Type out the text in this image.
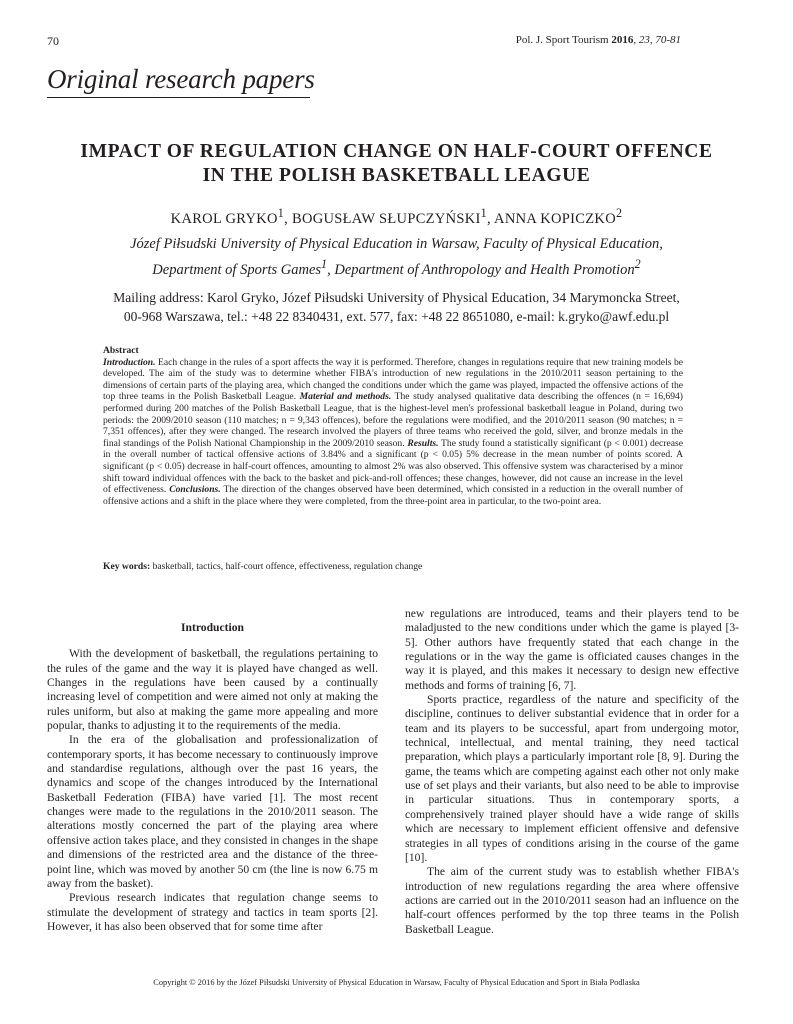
70	Pol. J. Sport Tourism 2016, 23, 70-81
Original research papers
IMPACT OF REGULATION CHANGE ON HALF-COURT OFFENCE
IN THE POLISH BASKETBALL LEAGUE
KAROL GRYKO$^1$, BOGUSŁAW SŁUPCZYŃSKI$^1$, ANNA KOPICZKO$^2$
Józef Piłsudski University of Physical Education in Warsaw, Faculty of Physical Education,
Department of Sports Games$^1$, Department of Anthropology and Health Promotion$^2$
Mailing address: Karol Gryko, Józef Piłsudski University of Physical Education, 34 Marymoncka Street,
00-968 Warszawa, tel.: +48 22 8340431, ext. 577, fax: +48 22 8651080, e-mail: k.gryko@awf.edu.pl

Abstract

Introduction. Each change in the rules of a sport affects the way it is performed. Therefore, changes in regulations require that new training models be developed. The aim of the study was to determine whether FIBA's introduction of new regulations in the 2010/2011 season pertaining to the dimensions of certain parts of the playing area, which changed the conditions under which the game was played, impacted the offensive actions of the top three teams in the Polish Basketball League. Material and methods. The study analysed qualitative data describing the offences (n = 16,694) performed during 200 matches of the Polish Basketball League, that is the highest-level men's professional basketball league in Poland, during two periods: the 2009/2010 season (110 matches; n = 9,343 offences), before the regulations were modified, and the 2010/2011 season (90 matches; n = 7,351 offences), after they were changed. The research involved the players of three teams who received the gold, silver, and bronze medals in the final standings of the Polish National Championship in the 2009/2010 season. Results. The study found a statistically significant (p < 0.001) decrease in the overall number of tactical offensive actions of 3.84% and a significant (p < 0.05) 5% decrease in the mean number of points scored. A significant (p < 0.05) decrease in half-court offences, amounting to almost 2% was also observed. This offensive system was characterised by a minor shift toward individual offences with the back to the basket and pick-and-roll offences; these changes, however, did not cause an increase in the level of effectiveness. Conclusions. The direction of the changes observed have been determined, which consisted in a reduction in the overall number of offensive actions and a shift in the place where they were completed, from the three-point area in particular, to the two-point area.

Key words: basketball, tactics, half-court offence, effectiveness, regulation change
Introduction

With the development of basketball, the regulations pertaining to the rules of the game and the way it is played have changed as well. Changes in the regulations have been caused by a continually increasing level of competition and were aimed not only at making the rules uniform, but also at making the game more appealing and more popular, thanks to adjusting it to the requirements of the media.

In the era of the globalisation and professionalization of contemporary sports, it has become necessary to continuously improve and standardise regulations, although over the past 16 years, the dynamics and scope of the changes introduced by the International Basketball Federation (FIBA) have varied [1]. The most recent changes were made to the regulations in the 2010/2011 season. The alterations mostly concerned the part of the playing area where offensive action takes place, and they consisted in changes in the shape and dimensions of the restricted area and the distance of the three-point line, which was moved by another 50 cm (the line is now 6.75 m away from the basket).

Previous research indicates that regulation change seems to stimulate the development of strategy and tactics in team sports [2]. However, it has also been observed that for some time after

new regulations are introduced, teams and their players tend to be maladjusted to the new conditions under which the game is played [3-5]. Other authors have frequently stated that each change in the regulations or in the way the game is officiated causes changes in the way it is played, and this makes it necessary to design new effective methods and forms of training [6, 7].

Sports practice, regardless of the nature and specificity of the discipline, continues to deliver substantial evidence that in order for a team and its players to be successful, apart from undergoing motor, technical, intellectual, and mental training, they need tactical preparation, which plays a particularly important role [8, 9]. During the game, the teams which are competing against each other not only make use of set plays and their variants, but also need to be able to improvise in particular situations. Thus in contemporary sports, a comprehensively trained player should have a wide range of skills which are necessary to implement efficient offensive and defensive strategies in all types of conditions arising in the course of the game [10].

The aim of the current study was to establish whether FIBA's introduction of new regulations regarding the area where offensive actions are carried out in the 2010/2011 season had an influence on the half-court offences performed by the top three teams in the Polish Basketball League.

Copyright © 2016 by the Józef Piłsudski University of Physical Education in Warsaw, Faculty of Physical Education and Sport in Biała Podlaska
